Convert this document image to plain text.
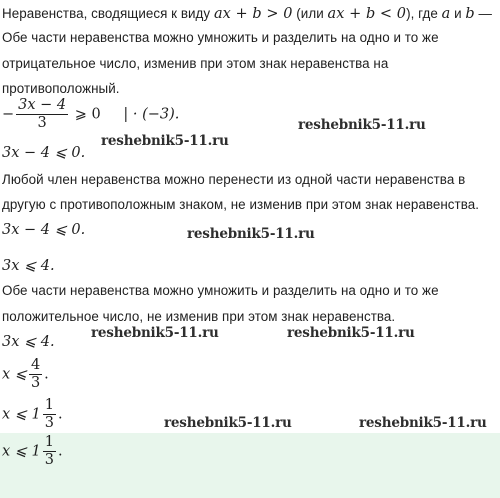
Неравенства, сводящиеся к виду ax + b > 0 (или ax + b < 0), где a и b —
Обе части неравенства можно умножить и разделить на одно и то же
отрицательное число, изменив при этом знак неравенства на
противоположный.
− $\frac{3x - 4}{3}$ ⩾ 0 | · (−3).
3x − 4 ⩽ 0.
Любой член неравенства можно перенести из одной части неравенства в
другую с противоположным знаком, не изменив при этом знак неравенства.
3x − 4 ⩽ 0.
3x ⩽ 4.
Обе части неравенства можно умножить и разделить на одно и то же
положительное число, не изменив при этом знак неравенства.
3x ⩽ 4.
x ⩽ $\frac{4}{3}$ .
x ⩽ $1 \frac{1}{3}$ .
x ⩽ $1 \frac{1}{3}$ .
reshebnik5-11.ru
reshebnik5-11.ru
reshebnik5-11.ru
reshebnik5-11.ru	reshebnik5-11.ru
reshebnik5-11.ru	reshebnik5-11.ru
